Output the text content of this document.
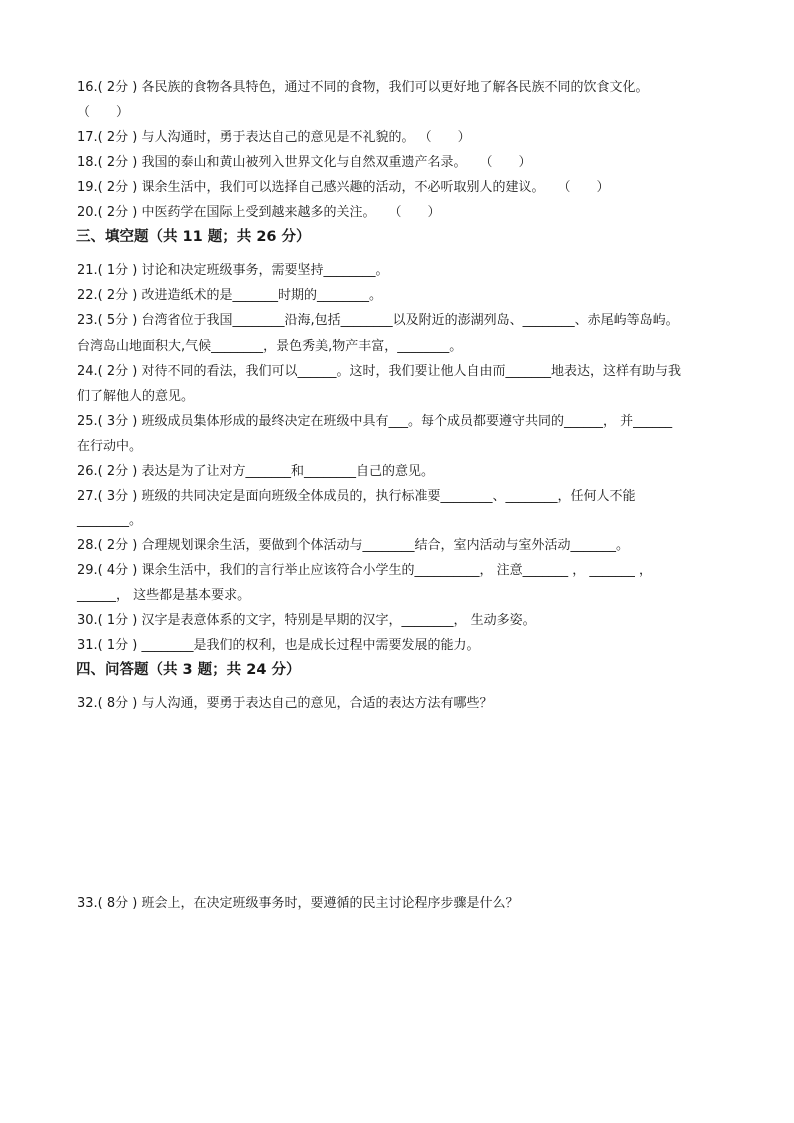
16.( 2分 ) 各民族的食物各具特色，通过不同的食物，我们可以更好地了解各民族不同的饮食文化。
（　　）
17.( 2分 ) 与人沟通时，勇于表达自己的意见是不礼貌的。 （　　）
18.( 2分 ) 我国的泰山和黄山被列入世界文化与自然双重遗产名录。　　（　　）
19.( 2分 ) 课余生活中，我们可以选择自己感兴趣的活动，不必听取别人的建议。　　（　　）
20.( 2分 ) 中医药学在国际上受到越来越多的关注。　　（　　）
三、填空题（共 11 题；共 26 分）
21.( 1分 ) 讨论和决定班级事务，需要坚持________。
22.( 2分 ) 改进造纸术的是_______时期的________。
23.( 5分 ) 台湾省位于我国________沿海,包括________以及附近的澎湖列岛、________、赤尾屿等岛屿。
台湾岛山地面积大,气候________，景色秀美,物产丰富，________。
24.( 2分 ) 对待不同的看法，我们可以______。这时，我们要让他人自由而_______地表达，这样有助与我
们了解他人的意见。
25.( 3分 ) 班级成员集体形成的最终决定在班级中具有___。每个成员都要遵守共同的______， 并______
在行动中。
26.( 2分 ) 表达是为了让对方_______和________自己的意见。
27.( 3分 ) 班级的共同决定是面向班级全体成员的，执行标准要________、________，任何人不能
________。
28.( 2分 ) 合理规划课余生活，要做到个体活动与________结合，室内活动与室外活动_______。
29.( 4分 ) 课余生活中，我们的言行举止应该符合小学生的__________， 注意_______ ， _______ ，
______， 这些都是基本要求。
30.( 1分 ) 汉字是表意体系的文字，特别是早期的汉字，________， 生动多姿。
31.( 1分 ) ________是我们的权利，也是成长过程中需要发展的能力。
四、问答题（共 3 题；共 24 分）
32.( 8分 ) 与人沟通，要勇于表达自己的意见，合适的表达方法有哪些？
33.( 8分 ) 班会上，在决定班级事务时，要遵循的民主讨论程序步骤是什么？
